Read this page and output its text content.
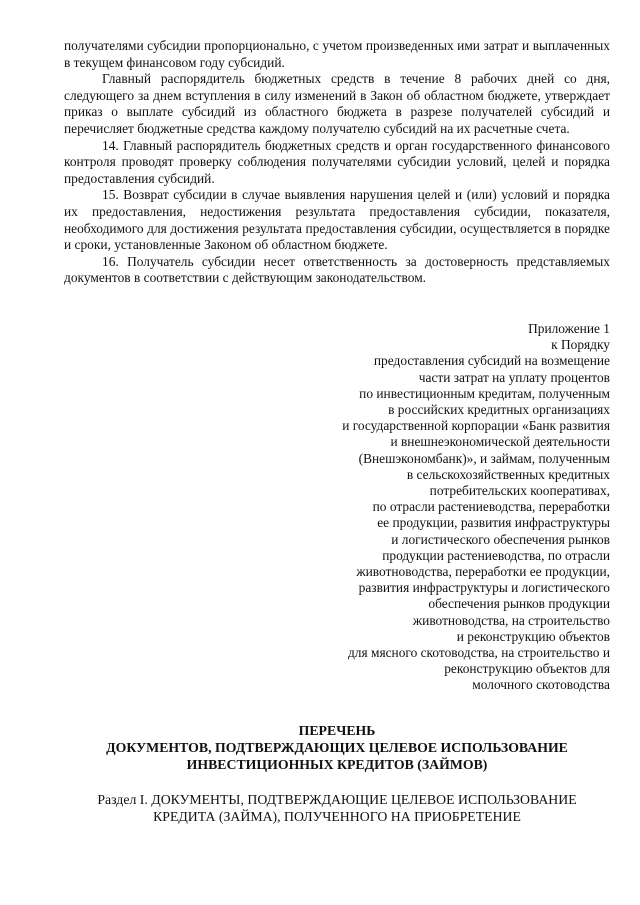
получателями субсидии пропорционально, с учетом произведенных ими затрат и выплаченных в текущем финансовом году субсидий.

Главный распорядитель бюджетных средств в течение 8 рабочих дней со дня, следующего за днем вступления в силу изменений в Закон об областном бюджете, утверждает приказ о выплате субсидий из областного бюджета в разрезе получателей субсидий и перечисляет бюджетные средства каждому получателю субсидий на их расчетные счета.

14. Главный распорядитель бюджетных средств и орган государственного финансового контроля проводят проверку соблюдения получателями субсидии условий, целей и порядка предоставления субсидий.

15. Возврат субсидии в случае выявления нарушения целей и (или) условий и порядка их предоставления, недостижения результата предоставления субсидии, показателя, необходимого для достижения результата предоставления субсидии, осуществляется в порядке и сроки, установленные Законом об областном бюджете.

16. Получатель субсидии несет ответственность за достоверность представляемых документов в соответствии с действующим законодательством.

Приложение 1
к Порядку
предоставления субсидий на возмещение
части затрат на уплату процентов
по инвестиционным кредитам, полученным
в российских кредитных организациях
и государственной корпорации «Банк развития
и внешнеэкономической деятельности
(Внешэкономбанк)», и займам, полученным
в сельскохозяйственных кредитных
потребительских кооперативах,
по отрасли растениеводства, переработки
ее продукции, развития инфраструктуры
и логистического обеспечения рынков
продукции растениеводства, по отрасли
животноводства, переработки ее продукции,
развития инфраструктуры и логистического
обеспечения рынков продукции
животноводства, на строительство
и реконструкцию объектов
для мясного скотоводства, на строительство и
реконструкцию объектов для
молочного скотоводства
ПЕРЕЧЕНЬ
ДОКУМЕНТОВ, ПОДТВЕРЖДАЮЩИХ ЦЕЛЕВОЕ ИСПОЛЬЗОВАНИЕ
ИНВЕСТИЦИОННЫХ КРЕДИТОВ (ЗАЙМОВ)
Раздел I. ДОКУМЕНТЫ, ПОДТВЕРЖДАЮЩИЕ ЦЕЛЕВОЕ ИСПОЛЬЗОВАНИЕ
КРЕДИТА (ЗАЙМА), ПОЛУЧЕННОГО НА ПРИОБРЕТЕНИЕ
